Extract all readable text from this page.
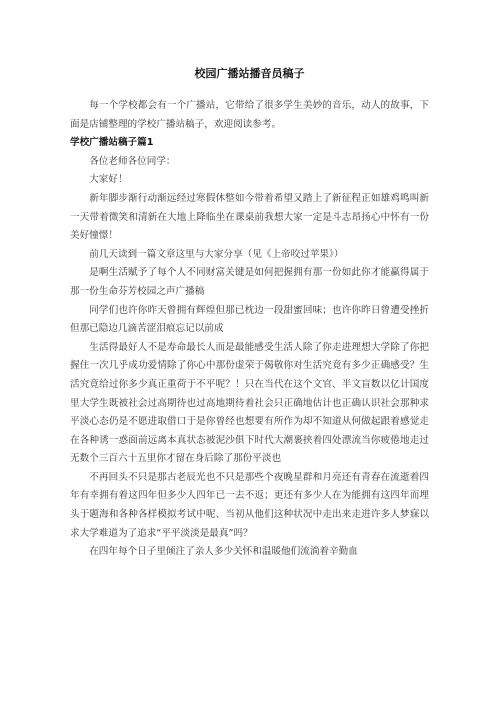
校园广播站播音员稿子

每一个学校都会有一个广播站，它带给了很多学生美妙的音乐，动人的故事，下面是店铺整理的学校广播站稿子，欢迎阅读参考。

学校广播站稿子篇1

各位老师各位同学：

大家好！

新年脚步渐行动渐远经过寒假休整如今带着希望又踏上了新征程正如雄鸡鸣叫新一天带着微笑和清新在大地上降临坐在课桌前我想大家一定是斗志昂扬心中怀有一份美好憧憬！

前几天读到一篇文章这里与大家分享（见《上帝咬过苹果》）

是啊生活赋予了每个人不同财富关键是如何把握拥有那一份如此你才能赢得属于那一份生命芬芳校园之声广播稿

同学们也许你昨天曾拥有辉煌但那已枕边一段甜蜜回味；也许你昨日曾遭受挫折但那已隐边几滴苦涩泪痕忘记以前成

生活得最好人不是寿命最长人而是最能感受生活人除了你走进理想大学除了你把握住一次几乎成功爱情除了你心中那份虚荣于偈敬你对生活究竟有多少正确感受？生活究竟给过你多少真正重荷于不平呢？！只在当代在这个文官、半文盲数以亿计国度里大学生既被社会过高期待也过高地期待着社会只正确地估计也正确认识社会那种求平淡心态仍是不愿进取借口于是你曾经也想要有所作为却不知道从何做起跟着感觉走在各种诱一惑面前远离本真状态被泥沙俱下时代大潮裹挟着四处漂流当你疲倦地走过无数个三百六十五里你才留在身后除了那份平淡也

不再回头不只是那古老辰光也不只是那些个夜晚星群和月亮还有青春在流逝着四年有幸拥有着这四年但多少人四年已一去不返；更还有多少人在为能拥有这四年而埋头于题海和各种各样模拟考试中呢、当初从他们这种状况中走出来走进许多人梦寐以求大学难道为了追求“平平淡淡是最真”吗？

在四年每个日子里倾注了亲人多少关怀和温暖他们流淌着辛勤血
